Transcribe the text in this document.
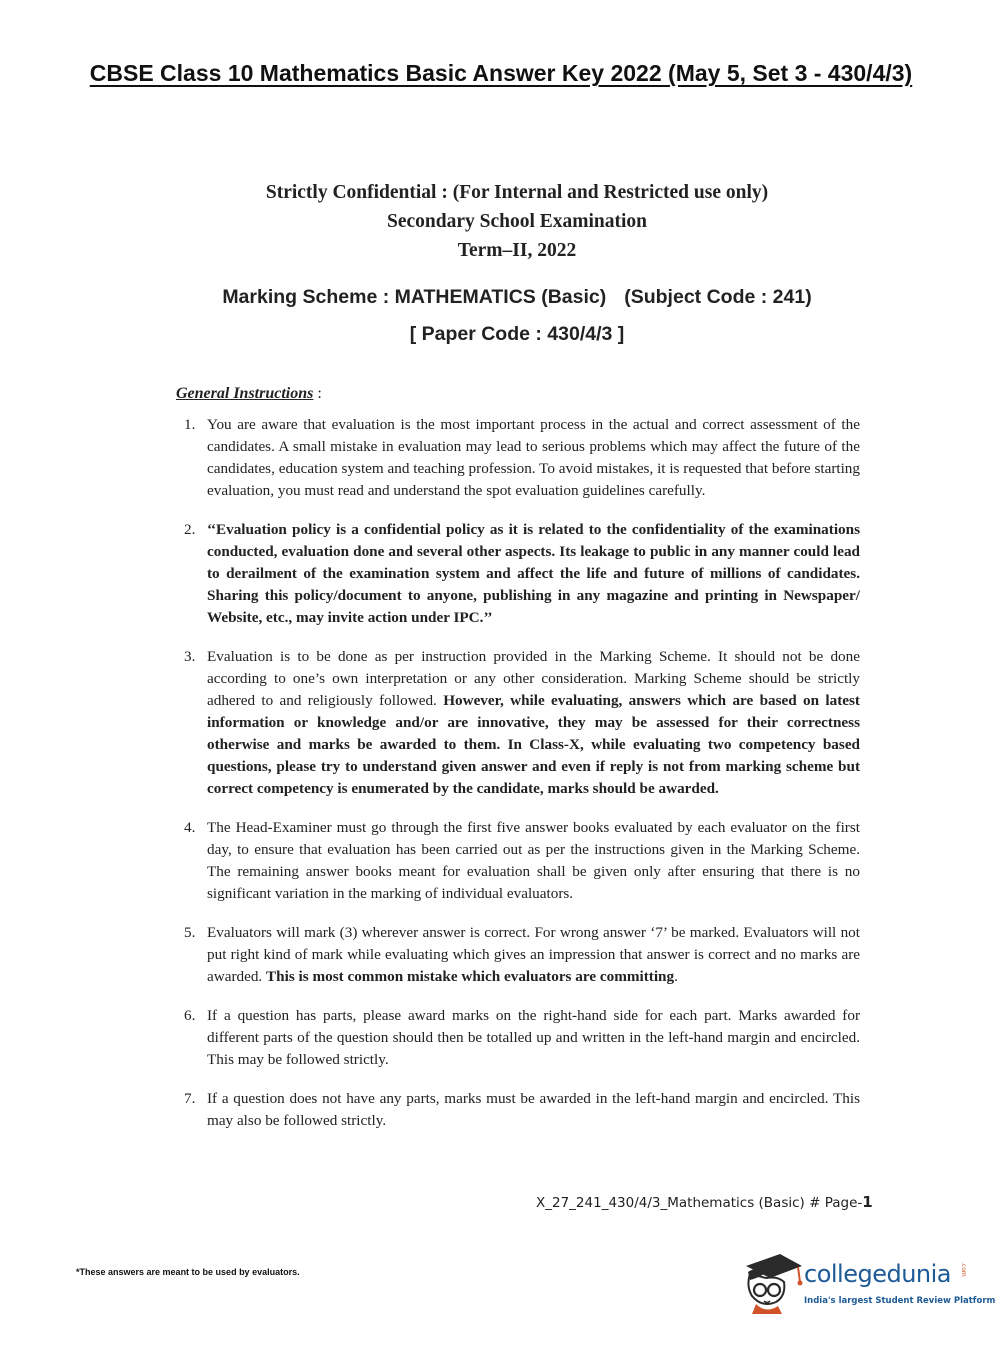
CBSE Class 10 Mathematics Basic Answer Key 2022 (May 5, Set 3 - 430/4/3)
Strictly Confidential : (For Internal and Restricted use only)
Secondary School Examination
Term–II, 2022
Marking Scheme : MATHEMATICS (Basic) (Subject Code : 241)
[ Paper Code : 430/4/3 ]
General Instructions :
1. You are aware that evaluation is the most important process in the actual and correct assessment of the candidates. A small mistake in evaluation may lead to serious problems which may affect the future of the candidates, education system and teaching profession. To avoid mistakes, it is requested that before starting evaluation, you must read and understand the spot evaluation guidelines carefully.
2. ‘‘Evaluation policy is a confidential policy as it is related to the confidentiality of the examinations conducted, evaluation done and several other aspects. Its leakage to public in any manner could lead to derailment of the examination system and affect the life and future of millions of candidates. Sharing this policy/document to anyone, publishing in any magazine and printing in Newspaper/ Website, etc., may invite action under IPC.’’
3. Evaluation is to be done as per instruction provided in the Marking Scheme. It should not be done according to one’s own interpretation or any other consideration. Marking Scheme should be strictly adhered to and religiously followed. However, while evaluating, answers which are based on latest information or knowledge and/or are innovative, they may be assessed for their correctness otherwise and marks be awarded to them. In Class-X, while evaluating two competency based questions, please try to understand given answer and even if reply is not from marking scheme but correct competency is enumerated by the candidate, marks should be awarded.
4. The Head-Examiner must go through the first five answer books evaluated by each evaluator on the first day, to ensure that evaluation has been carried out as per the instructions given in the Marking Scheme. The remaining answer books meant for evaluation shall be given only after ensuring that there is no significant variation in the marking of individual evaluators.
5. Evaluators will mark (3) wherever answer is correct. For wrong answer ‘7’ be marked. Evaluators will not put right kind of mark while evaluating which gives an impression that answer is correct and no marks are awarded. This is most common mistake which evaluators are committing.
6. If a question has parts, please award marks on the right-hand side for each part. Marks awarded for different parts of the question should then be totalled up and written in the left-hand margin and encircled. This may be followed strictly.
7. If a question does not have any parts, marks must be awarded in the left-hand margin and encircled. This may also be followed strictly.
X_27_241_430/4/3_Mathematics (Basic) # Page-1
*These answers are meant to be used by evaluators.	collegedunia .com
India's largest Student Review Platform
